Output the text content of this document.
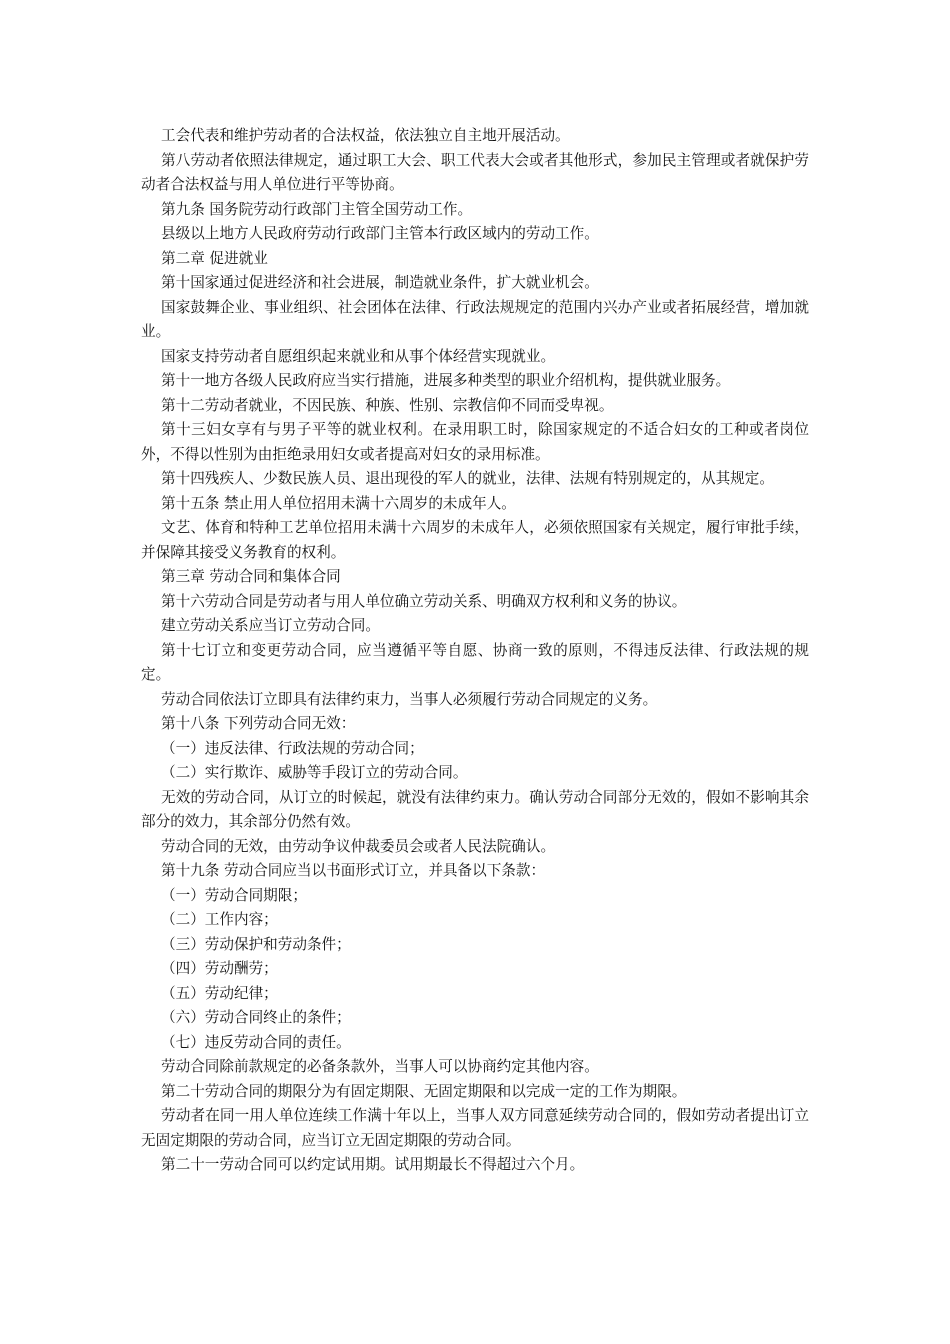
工会代表和维护劳动者的合法权益，依法独立自主地开展活动。

第八劳动者依照法律规定，通过职工大会、职工代表大会或者其他形式，参加民主管理或者就保护劳动者合法权益与用人单位进行平等协商。

第九条 国务院劳动行政部门主管全国劳动工作。

县级以上地方人民政府劳动行政部门主管本行政区域内的劳动工作。

第二章 促进就业

第十国家通过促进经济和社会进展，制造就业条件，扩大就业机会。

国家鼓舞企业、事业组织、社会团体在法律、行政法规规定的范围内兴办产业或者拓展经营，增加就业。

国家支持劳动者自愿组织起来就业和从事个体经营实现就业。

第十一地方各级人民政府应当实行措施，进展多种类型的职业介绍机构，提供就业服务。

第十二劳动者就业，不因民族、种族、性别、宗教信仰不同而受卑视。

第十三妇女享有与男子平等的就业权利。在录用职工时，除国家规定的不适合妇女的工种或者岗位外，不得以性别为由拒绝录用妇女或者提高对妇女的录用标准。

第十四残疾人、少数民族人员、退出现役的军人的就业，法律、法规有特别规定的，从其规定。

第十五条 禁止用人单位招用未满十六周岁的未成年人。

文艺、体育和特种工艺单位招用未满十六周岁的未成年人，必须依照国家有关规定，履行审批手续，并保障其接受义务教育的权利。

第三章 劳动合同和集体合同

第十六劳动合同是劳动者与用人单位确立劳动关系、明确双方权利和义务的协议。

建立劳动关系应当订立劳动合同。

第十七订立和变更劳动合同，应当遵循平等自愿、协商一致的原则，不得违反法律、行政法规的规定。

劳动合同依法订立即具有法律约束力，当事人必须履行劳动合同规定的义务。

第十八条 下列劳动合同无效：

（一）违反法律、行政法规的劳动合同；

（二）实行欺诈、威胁等手段订立的劳动合同。

无效的劳动合同，从订立的时候起，就没有法律约束力。确认劳动合同部分无效的，假如不影响其余部分的效力，其余部分仍然有效。

劳动合同的无效，由劳动争议仲裁委员会或者人民法院确认。

第十九条 劳动合同应当以书面形式订立，并具备以下条款：

（一）劳动合同期限；

（二）工作内容；

（三）劳动保护和劳动条件；

（四）劳动酬劳；

（五）劳动纪律；

（六）劳动合同终止的条件；

（七）违反劳动合同的责任。

劳动合同除前款规定的必备条款外，当事人可以协商约定其他内容。

第二十劳动合同的期限分为有固定期限、无固定期限和以完成一定的工作为期限。

劳动者在同一用人单位连续工作满十年以上，当事人双方同意延续劳动合同的，假如劳动者提出订立无固定期限的劳动合同，应当订立无固定期限的劳动合同。

第二十一劳动合同可以约定试用期。试用期最长不得超过六个月。
